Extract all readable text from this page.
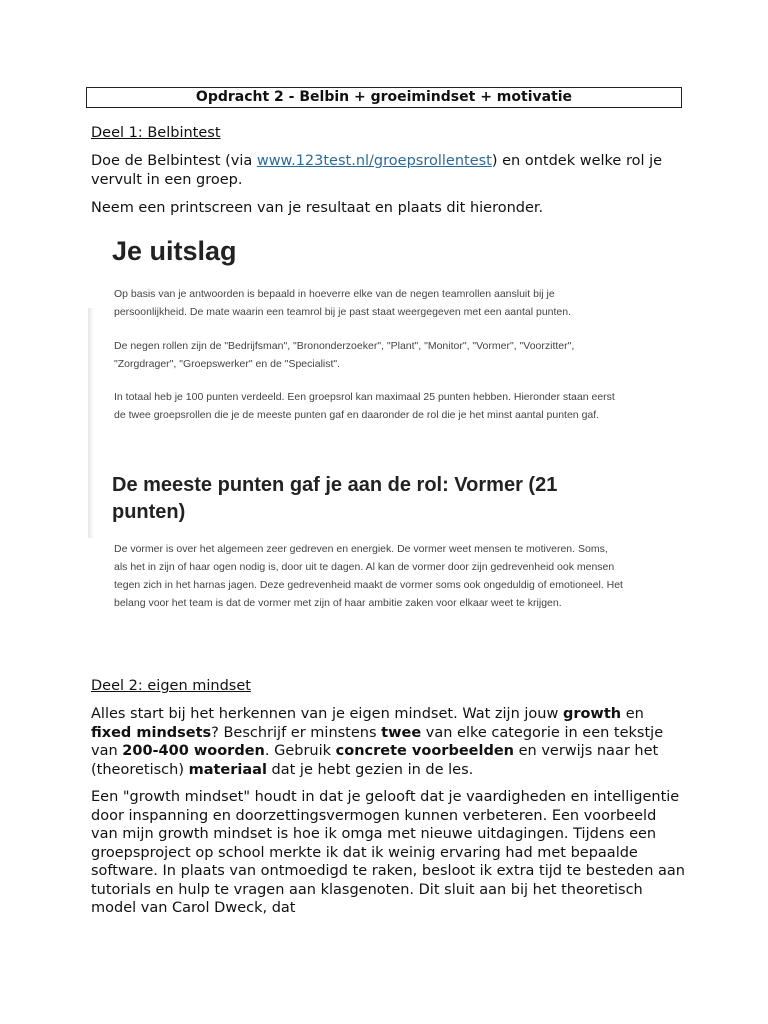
Opdracht 2 - Belbin + groeimindset + motivatie
Deel 1: Belbintest
Doe de Belbintest (via www.123test.nl/groepsrollentest) en ontdek welke rol je vervult in een groep.
Neem een printscreen van je resultaat en plaats dit hieronder.
Je uitslag
Op basis van je antwoorden is bepaald in hoeverre elke van de negen teamrollen aansluit bij je persoonlijkheid. De mate waarin een teamrol bij je past staat weergegeven met een aantal punten.
De negen rollen zijn de "Bedrijfsman", "Brononderzoeker", "Plant", "Monitor", "Vormer", "Voorzitter", "Zorgdrager", "Groepswerker" en de "Specialist".
In totaal heb je 100 punten verdeeld. Een groepsrol kan maximaal 25 punten hebben. Hieronder staan eerst de twee groepsrollen die je de meeste punten gaf en daaronder de rol die je het minst aantal punten gaf.
De meeste punten gaf je aan de rol: Vormer (21 punten)
De vormer is over het algemeen zeer gedreven en energiek. De vormer weet mensen te motiveren. Soms, als het in zijn of haar ogen nodig is, door uit te dagen. Al kan de vormer door zijn gedrevenheid ook mensen tegen zich in het harnas jagen. Deze gedrevenheid maakt de vormer soms ook ongeduldig of emotioneel. Het belang voor het team is dat de vormer met zijn of haar ambitie zaken voor elkaar weet te krijgen.
Deel 2: eigen mindset
Alles start bij het herkennen van je eigen mindset. Wat zijn jouw growth en fixed mindsets? Beschrijf er minstens twee van elke categorie in een tekstje van 200-400 woorden. Gebruik concrete voorbeelden en verwijs naar het (theoretisch) materiaal dat je hebt gezien in de les.
Een "growth mindset" houdt in dat je gelooft dat je vaardigheden en intelligentie door inspanning en doorzettingsvermogen kunnen verbeteren. Een voorbeeld van mijn growth mindset is hoe ik omga met nieuwe uitdagingen. Tijdens een groepsproject op school merkte ik dat ik weinig ervaring had met bepaalde software. In plaats van ontmoedigd te raken, besloot ik extra tijd te besteden aan tutorials en hulp te vragen aan klasgenoten. Dit sluit aan bij het theoretisch model van Carol Dweck, dat
